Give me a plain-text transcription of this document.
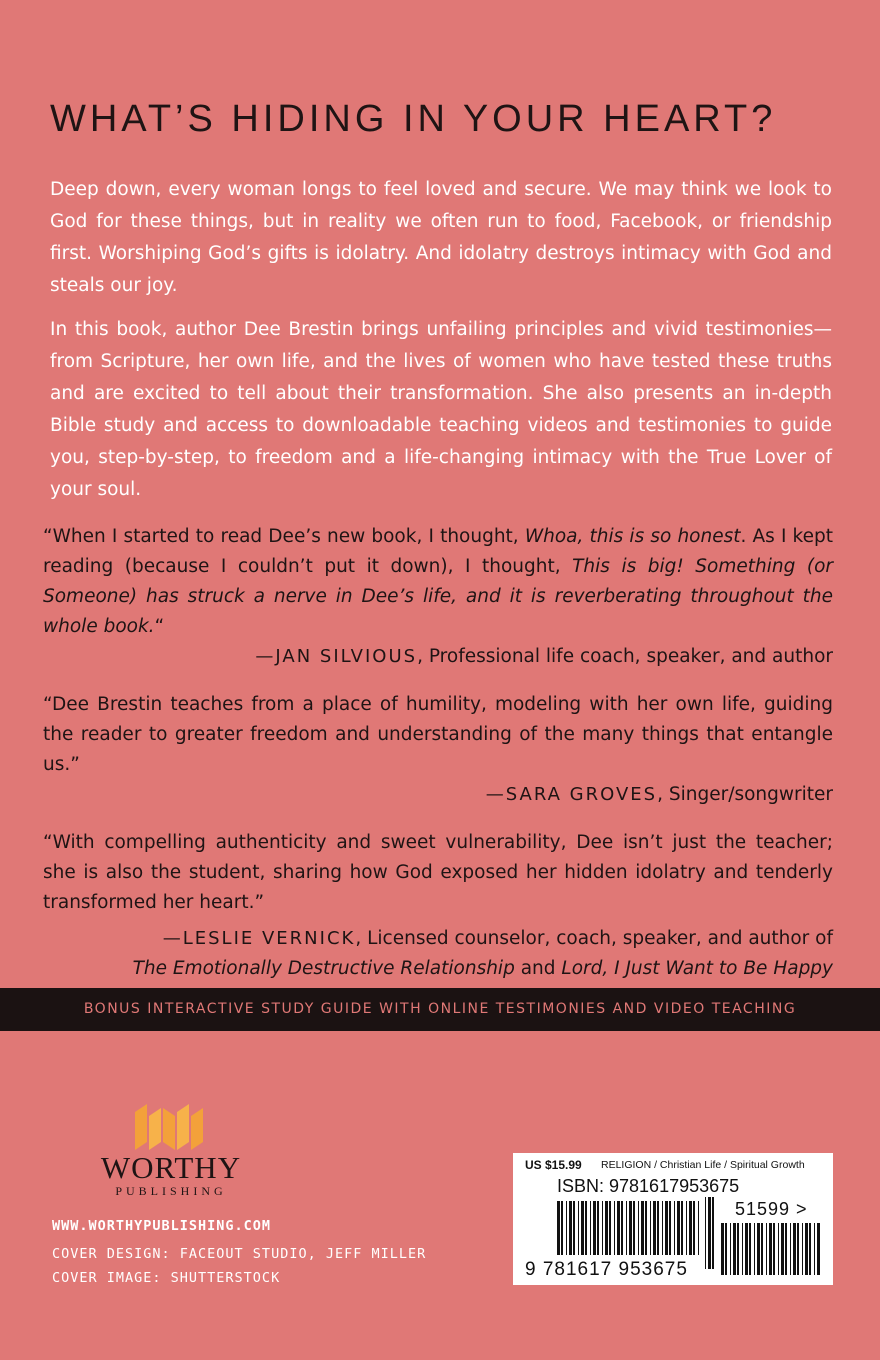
WHAT’S HIDING IN YOUR HEART?

Deep down, every woman longs to feel loved and secure. We may think we look to God for these things, but in reality we often run to food, Facebook, or friendship first. Worshiping God’s gifts is idolatry. And idolatry destroys intimacy with God and steals our joy.

In this book, author Dee Brestin brings unfailing principles and vivid testimonies—from Scripture, her own life, and the lives of women who have tested these truths and are excited to tell about their transformation. She also presents an in-depth Bible study and access to downloadable teaching videos and testimonies to guide you, step-by-step, to freedom and a life-changing intimacy with the True Lover of your soul.

“When I started to read Dee’s new book, I thought, Whoa, this is so honest. As I kept reading (because I couldn’t put it down), I thought, This is big! Something (or Someone) has struck a nerve in Dee’s life, and it is reverberating throughout the whole book.“

—JAN SILVIOUS, Professional life coach, speaker, and author

“Dee Brestin teaches from a place of humility, modeling with her own life, guiding the reader to greater freedom and understanding of the many things that entangle us.”

—SARA GROVES, Singer/songwriter

“With compelling authenticity and sweet vulnerability, Dee isn’t just the teacher; she is also the student, sharing how God exposed her hidden idolatry and tenderly transformed her heart.”

—LESLIE VERNICK, Licensed counselor, coach, speaker, and author of

The Emotionally Destructive Relationship and Lord, I Just Want to Be Happy

BONUS INTERACTIVE STUDY GUIDE WITH ONLINE TESTIMONIES AND VIDEO TEACHING
WORTHY
PUBLISHING
WWW.WORTHYPUBLISHING.COM
COVER DESIGN: FACEOUT STUDIO, JEFF MILLER
COVER IMAGE: SHUTTERSTOCK
US $15.99 RELIGION / Christian Life / Spiritual Growth
ISBN: 9781617953675
51599 >
9 781617 953675
